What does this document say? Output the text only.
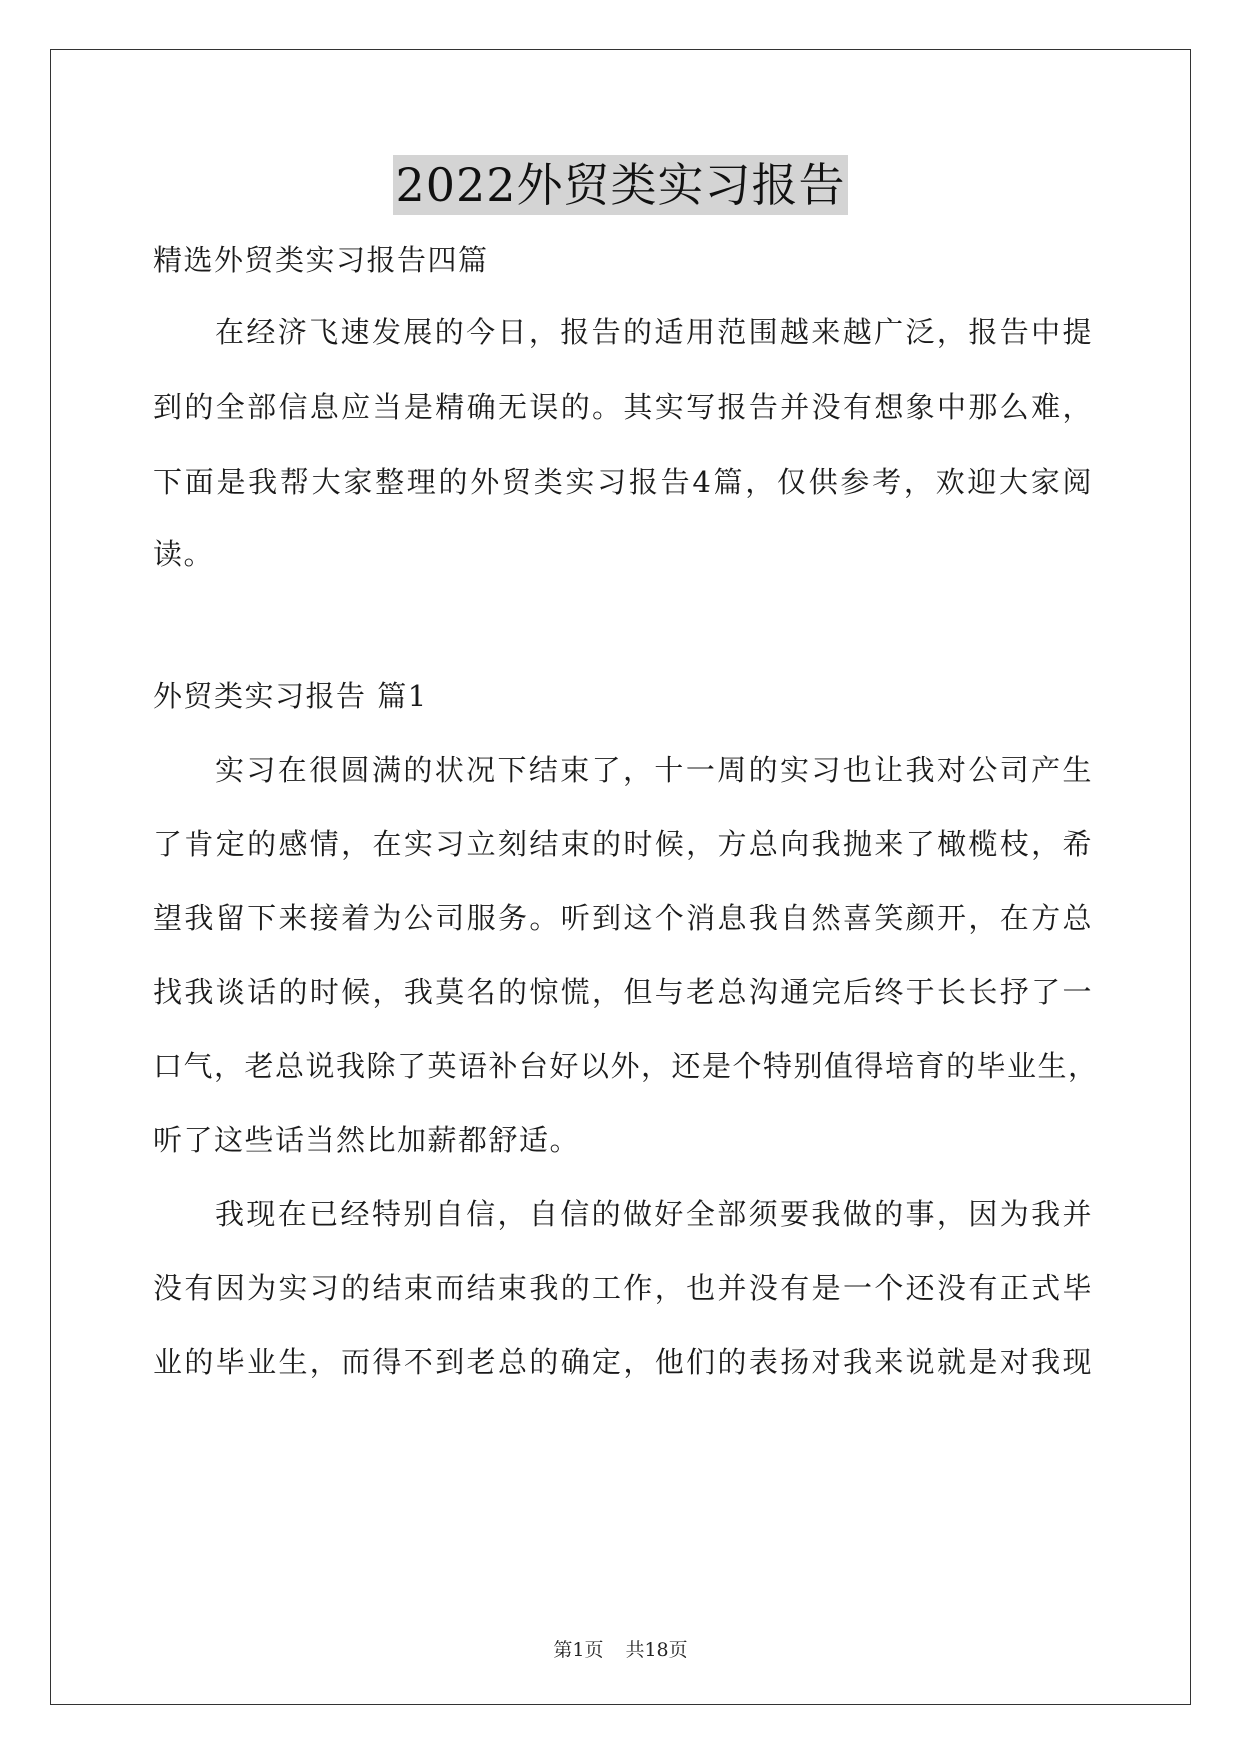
2022外贸类实习报告
精选外贸类实习报告四篇
在经济飞速发展的今日，报告的适用范围越来越广泛，报告中提
到的全部信息应当是精确无误的。其实写报告并没有想象中那么难，
下面是我帮大家整理的外贸类实习报告4篇，仅供参考，欢迎大家阅
读。
外贸类实习报告 篇1
实习在很圆满的状况下结束了，十一周的实习也让我对公司产生
了肯定的感情，在实习立刻结束的时候，方总向我抛来了橄榄枝，希
望我留下来接着为公司服务。听到这个消息我自然喜笑颜开，在方总
找我谈话的时候，我莫名的惊慌，但与老总沟通完后终于长长抒了一
口气，老总说我除了英语补台好以外，还是个特别值得培育的毕业生，
听了这些话当然比加薪都舒适。
我现在已经特别自信，自信的做好全部须要我做的事，因为我并
没有因为实习的结束而结束我的工作，也并没有是一个还没有正式毕
业的毕业生，而得不到老总的确定，他们的表扬对我来说就是对我现
第1页 共18页
